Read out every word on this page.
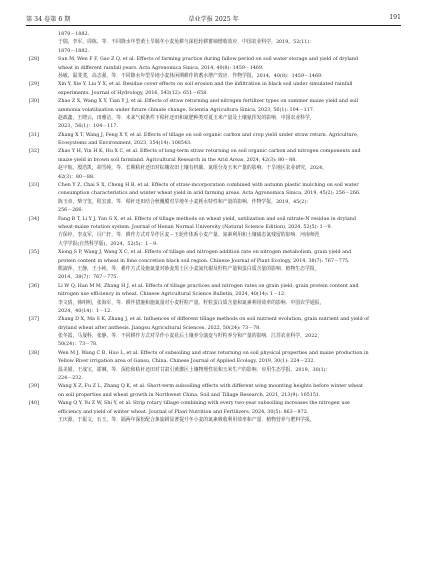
第 34 卷第 6 期	草业学报 2025 年	191
1870－1882.
于瑞，李军，周栋，等．不同降水年型黄土旱塬冬小麦免耕与深松轮耕蓄墒增收效应．中国农业科学，2019，52(11)：
1870－1882.
[28]	Sun M, Wen F F, Gao Z Q, et al. Effects of farming practice during fallow period on soil water storage and yield of dryland
wheat in different rainfall years. Acta Agronomica Sinica, 2014, 40(8): 1459－1469.
孙敏，温斐斐，高志强，等．不同降水年型旱地小麦休闲期耕作的蓄水增产效应．作物学报，2014，40(8)：1459－1469.
[29]	Xin Y, Xie Y, Liu Y X, et al. Residue cover effects on soil erosion and the infiltration in black soil under simulated rainfall
experiments. Journal of Hydrology, 2016, 543(12): 651－658.
[30]	Zhao Z X, Wang X Y, Tian Y J, et al. Effects of straw returning and nitrogen fertilizer types on summer maize yield and soil
ammonia volatilization under future climate change. Scientia Agricultura Sinica, 2023, 56(1): 104－117.
赵政鑫，王晓云，田雅洁，等．未来气候条件下秸秆还田和氮肥种类对夏玉米产量及土壤氨挥发的影响．中国农业科学，
2023，56(1)：104－117.
[31]	Zhang X T, Wang J, Feng X Y, et al. Effects of tillage on soil organic carbon and crop yield under straw return. Agriculture,
Ecosystems and Environment, 2023, 354(14): 108543.
[32]	Zhao Y H, Yin H K, Hu X C, et al. Effects of long-term straw returning on soil organic carbon and nitrogen components and
maize yield in brown soil farmland. Agricultural Research in the Arid Areas, 2024, 42(3): 80－88.
赵宇航，殷浩凯，胡雪纯，等．长期秸秆还田对棕壤农田土壤有机碳、氮组分及玉米产量的影响．干旱地区农业研究，2024，
42(3)：80－88.
[33]	Chen Y Z, Chai S X, Cheng H B, et al. Effects of straw-incorporation combined with autumn plastic mulching on soil water
consumption characteristics and winter wheat yield in arid farming areas. Acta Agronomica Sinica, 2019, 45(2): 256－266.
陈玉章，柴守玺，程宏波，等．秸秆还田结合秋覆膜对旱地冬小麦耗水特性和产量的影响．作物学报，2019，45(2)：
256－266.
[34]	Fang B T, Li Y J, Yan G X, et al. Effects of tillage methods on wheat yield, ustilization and soil nitrate-N residue in dryland
wheat-maize rotation system. Journal of Henan Normal University (Natural Science Edition), 2024, 52(5): 1－9.
方保停，李友军，闫广轩，等．耕作方式对旱作区麦－玉轮作体系小麦产量、氮素利用和土壤硝态氮残留的影响．河南师范
大学学报(自然科学版)，2024，52(5)：1－9.
[35]	Xiong S P, Wang J, Wang X C, et al. Effects of tillage and nitrogen addition rate on nitrogen metabolism, grain yield and
protein content in wheat in lime concretion black soil region. Chinese Journal of Plant Ecology, 2014, 38(7): 767－775.
熊淑萍，王静，王小纯，等．耕作方式及施氮量对砂姜黑土区小麦氮代谢及籽粒产量和蛋白质含量的影响．植物生态学报，
2014，38(7)：767－775.
[36]	Li W Q, Han M M, Zhang H J, et al. Effects of tillage practices and nitrogen rates on grain yield, grain protein content and
nitrogen use efficiency in wheat. Chinese Agricultural Science Bulletin, 2024, 40(14): 1－12.
李文倩，韩明明，张海军，等．耕作措施和施氮量对小麦籽粒产量、籽粒蛋白质含量和氮素利用效率的影响．中国农学通报，
2024，40(14)：1－12.
[37]	Zhang D X, Ma S K, Zhang J, et al. Influences of different tillage methods on soil nutrient evolution, grain nutrient and yield of
dryland wheat after anthesis. Jiangsu Agricultural Sciences, 2022, 50(24): 73－78.
张冬霞，马晟科，张静，等．不同耕作方式对旱作小麦花后土壤养分演变与籽粒养分和产量的影响．江苏农业科学，2022，
50(24)：73－78.
[38]	Wen M J, Wang C B, Huo L, et al. Effects of subsoiling and straw returning on soil physical properties and maize production in
Yellow River irrigation area of Gansu, China. Chinese Journal of Applied Ecology, 2019, 30(1): 224－232.
温美娟，王成宝，霍琳，等．深松和秸秆还田对甘肃引黄灌区土壤物理性状和玉米生产的影响．应用生态学报，2019，30(1)：
224－232.
[39]	Wang X Z, Fu Z L, Zhang Q K, et al. Short-term subsoiling effects with different wing mounting heights before winter wheat
on soil properties and wheat growth in Northwest China. Soil and Tillage Research, 2021, 213(9): 105151.
[40]	Wang Q Y, Yu Z W, Shi Y, et al. Strip rotary tillage combining with every two-year subsoiling increases the nitrogen use
efficiency and yield of winter wheat. Journal of Plant Nutrition and Fertilizers, 2024, 30(5): 863－872.
王庆源，于振文，石玉，等．隔两年深松配合条旋耕显著提升冬小麦的氮素吸收利用效率和产量．植物营养与肥料学报，
